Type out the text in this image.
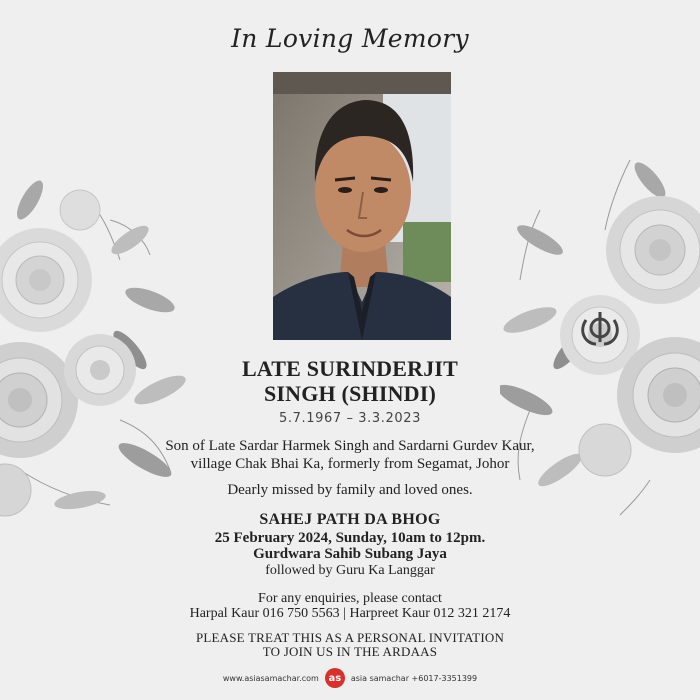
In Loving Memory
LATE SURINDERJIT
SINGH (SHINDI)
5.7.1967 – 3.3.2023
Son of Late Sardar Harmek Singh and Sardarni Gurdev Kaur,
village Chak Bhai Ka, formerly from Segamat, Johor
Dearly missed by family and loved ones.
SAHEJ PATH DA BHOG
25 February 2024, Sunday, 10am to 12pm.
Gurdwara Sahib Subang Jaya
followed by Guru Ka Langgar
For any enquiries, please contact
Harpal Kaur 016 750 5563 | Harpreet Kaur 012 321 2174
PLEASE TREAT THIS AS A PERSONAL INVITATION
TO JOIN US IN THE ARDAAS
www.asiasamachar.com as	asia samachar +6017-3351399
